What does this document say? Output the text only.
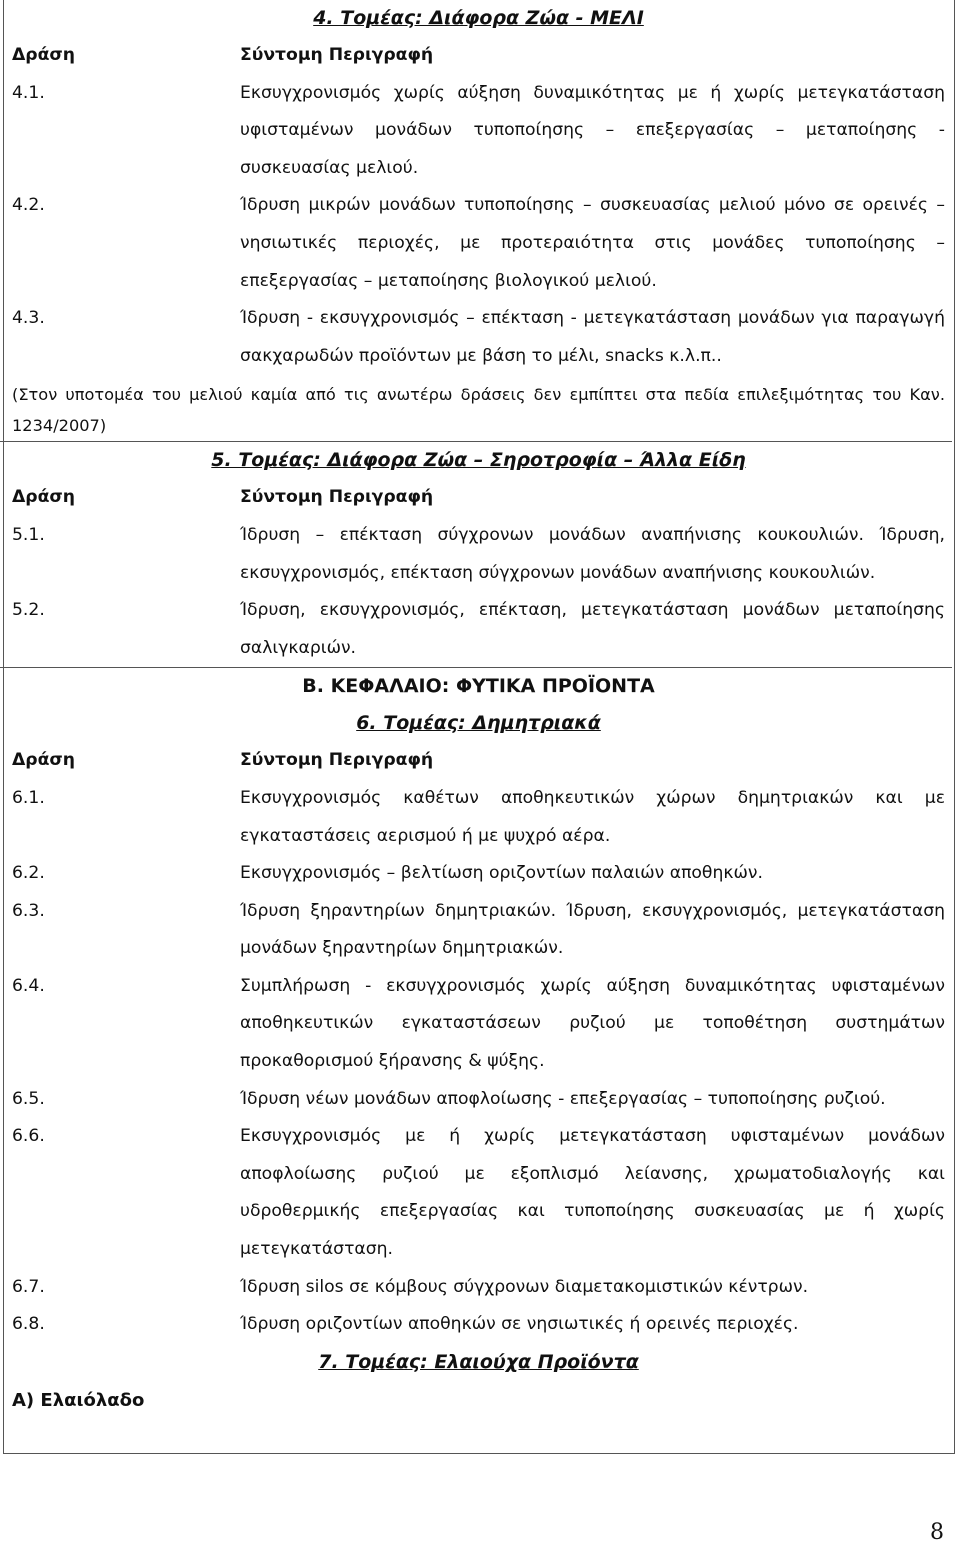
4. Τομέας: Διάφορα Ζώα - ΜΕΛΙ
Δράση	Σύντομη Περιγραφή
4.1.	Εκσυγχρονισμός χωρίς αύξηση δυναμικότητας με ή χωρίς μετεγκατάσταση υφισταμένων μονάδων τυποποίησης – επεξεργασίας – μεταποίησης - συσκευασίας μελιού.
4.2.	Ίδρυση μικρών μονάδων τυποποίησης – συσκευασίας μελιού μόνο σε ορεινές – νησιωτικές περιοχές, με προτεραιότητα στις μονάδες τυποποίησης – επεξεργασίας – μεταποίησης βιολογικού μελιού.
4.3.	Ίδρυση - εκσυγχρονισμός – επέκταση - μετεγκατάσταση μονάδων για παραγωγή σακχαρωδών προϊόντων με βάση το μέλι, snacks κ.λ.π..
(Στον υποτομέα του μελιού καμία από τις ανωτέρω δράσεις δεν εμπίπτει στα πεδία επιλεξιμότητας του Καν. 1234/2007)
5. Τομέας: Διάφορα Ζώα – Σηροτροφία – Άλλα Είδη
Δράση	Σύντομη Περιγραφή
5.1.	Ίδρυση – επέκταση σύγχρονων μονάδων αναπήνισης κουκουλιών. Ίδρυση, εκσυγχρονισμός, επέκταση σύγχρονων μονάδων αναπήνισης κουκουλιών.
5.2.	Ίδρυση, εκσυγχρονισμός, επέκταση, μετεγκατάσταση μονάδων μεταποίησης σαλιγκαριών.
Β. ΚΕΦΑΛΑΙΟ: ΦΥΤΙΚΑ ΠΡΟΪΟΝΤΑ
6. Τομέας: Δημητριακά
Δράση	Σύντομη Περιγραφή
6.1.	Εκσυγχρονισμός καθέτων αποθηκευτικών χώρων δημητριακών και με εγκαταστάσεις αερισμού ή με ψυχρό αέρα.
6.2.	Εκσυγχρονισμός – βελτίωση οριζοντίων παλαιών αποθηκών.
6.3.	Ίδρυση ξηραντηρίων δημητριακών. Ίδρυση, εκσυγχρονισμός, μετεγκατάσταση μονάδων ξηραντηρίων δημητριακών.
6.4.	Συμπλήρωση - εκσυγχρονισμός χωρίς αύξηση δυναμικότητας υφισταμένων αποθηκευτικών εγκαταστάσεων ρυζιού με τοποθέτηση συστημάτων προκαθορισμού ξήρανσης & ψύξης.
6.5.	Ίδρυση νέων μονάδων αποφλοίωσης - επεξεργασίας – τυποποίησης ρυζιού.
6.6.	Εκσυγχρονισμός με ή χωρίς μετεγκατάσταση υφισταμένων μονάδων αποφλοίωσης ρυζιού με εξοπλισμό λείανσης, χρωματοδιαλογής και υδροθερμικής επεξεργασίας και τυποποίησης συσκευασίας με ή χωρίς μετεγκατάσταση.
6.7.	Ίδρυση silos σε κόμβους σύγχρονων διαμετακομιστικών κέντρων.
6.8.	Ίδρυση οριζοντίων αποθηκών σε νησιωτικές ή ορεινές περιοχές.
7. Τομέας: Ελαιούχα Προϊόντα
Α) Ελαιόλαδο
8
